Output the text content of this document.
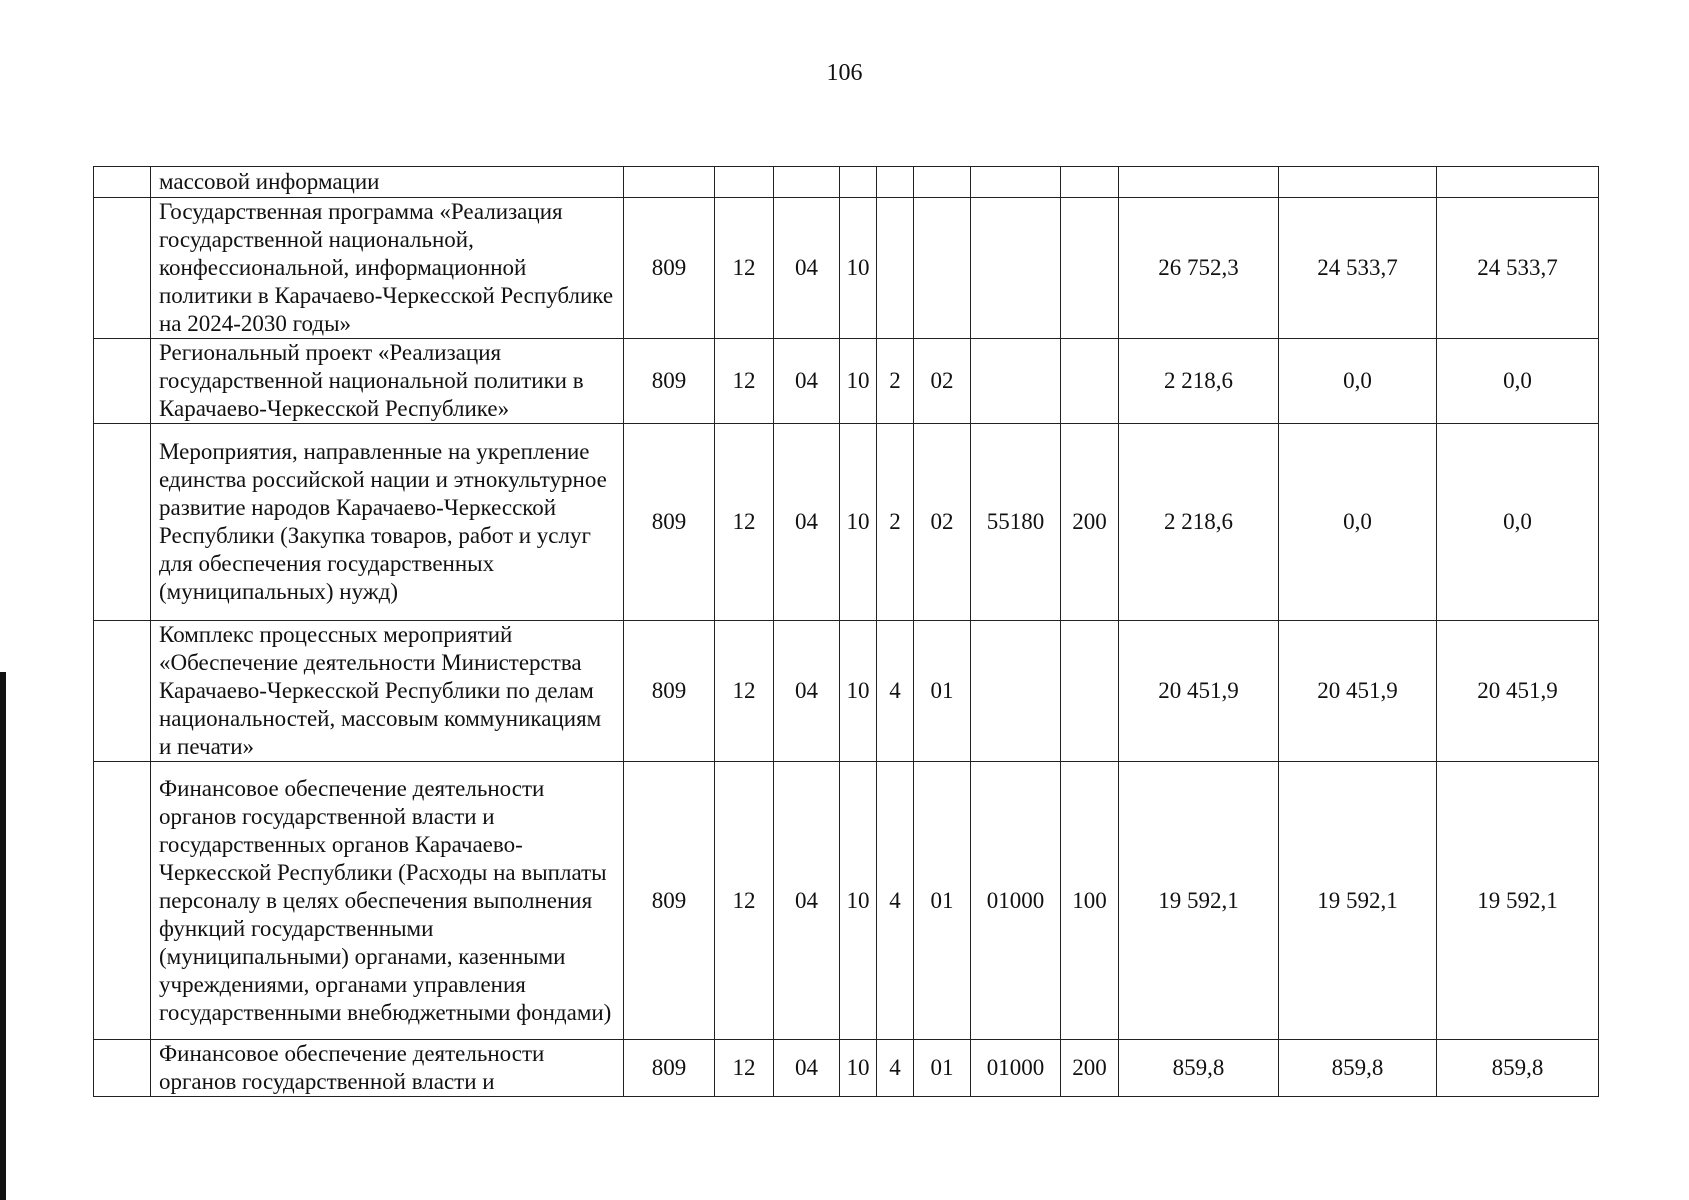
106
	массовой информации											
	Государственная программа «Реализация государственной национальной, конфессиональной, информационной политики в Карачаево-Черкесской Республике на 2024-2030 годы»	809	12	04	10					26 752,3	24 533,7	24 533,7
	Региональный проект «Реализация государственной национальной политики в Карачаево-Черкесской Республике»	809	12	04	10	2	02			2 218,6	0,0	0,0
	Мероприятия, направленные на укрепление единства российской нации и этнокультурное развитие народов Карачаево-Черкесской Республики (Закупка товаров, работ и услуг для обеспечения государственных (муниципальных) нужд)	809	12	04	10	2	02	55180	200	2 218,6	0,0	0,0
	Комплекс процессных мероприятий «Обеспечение деятельности Министерства Карачаево-Черкесской Республики по делам национальностей, массовым коммуникациям и печати»	809	12	04	10	4	01			20 451,9	20 451,9	20 451,9
	Финансовое обеспечение деятельности органов государственной власти и государственных органов Карачаево-Черкесской Республики (Расходы на выплаты персоналу в целях обеспечения выполнения функций государственными (муниципальными) органами, казенными учреждениями, органами управления государственными внебюджетными фондами)	809	12	04	10	4	01	01000	100	19 592,1	19 592,1	19 592,1
	Финансовое обеспечение деятельности органов государственной власти и	809	12	04	10	4	01	01000	200	859,8	859,8	859,8
